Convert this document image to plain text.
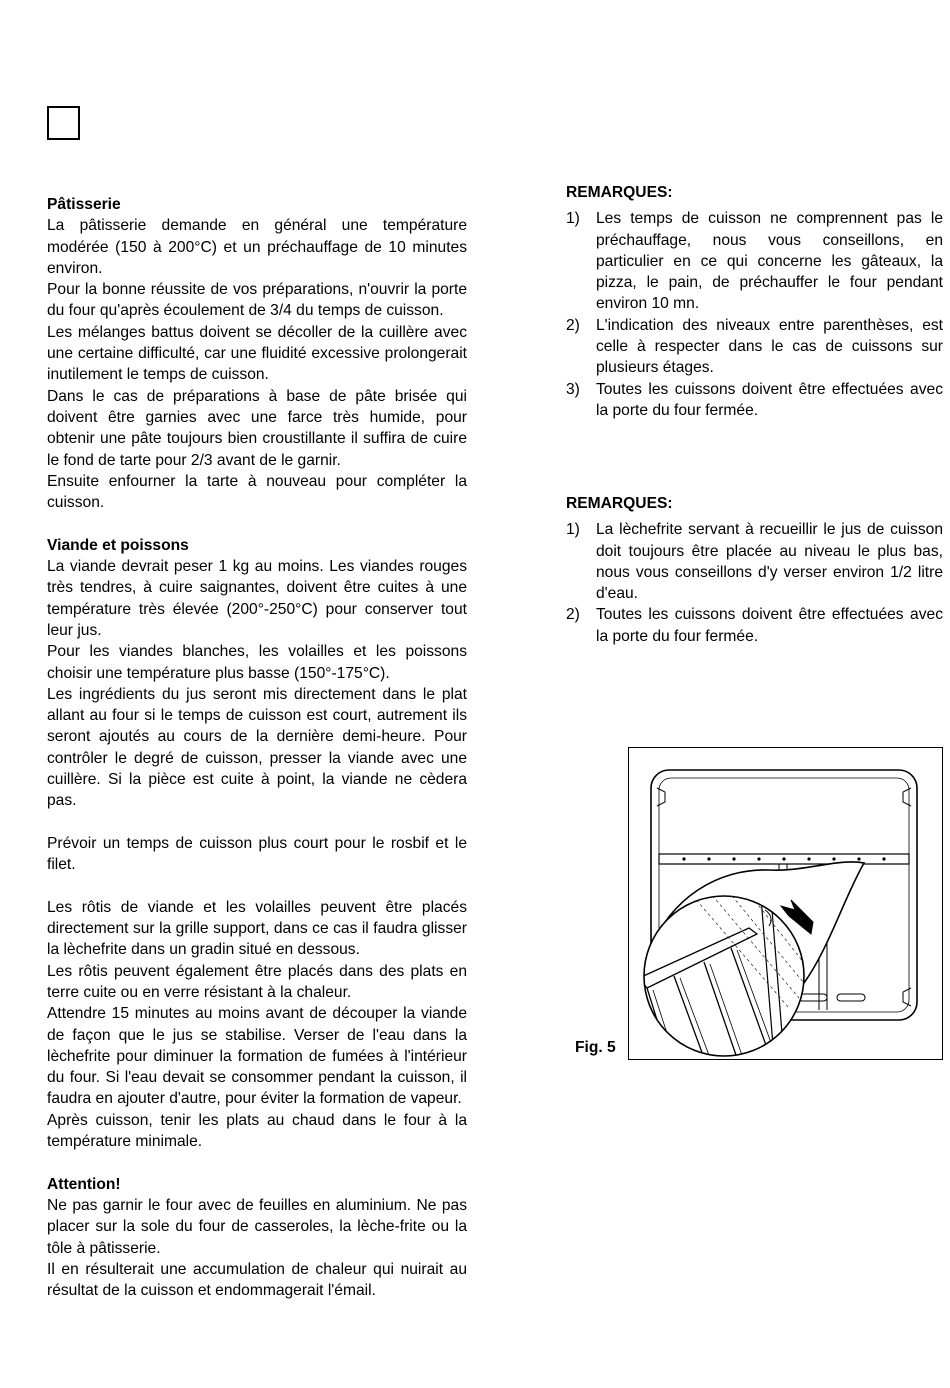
Pâtisserie

La pâtisserie demande en général une température modérée (150 à 200°C) et un préchauffage de 10 minutes environ.

Pour la bonne réussite de vos préparations, n'ouvrir la porte du four qu'après écoulement de 3/4 du temps de cuisson.

Les mélanges battus doivent se décoller de la cuillère avec une certaine difficulté, car une fluidité excessive prolongerait inutilement le temps de cuisson.

Dans le cas de préparations à base de pâte brisée qui doivent être garnies avec une farce très humide, pour obtenir une pâte toujours bien croustillante il suffira de cuire le fond de tarte pour 2/3 avant de le garnir.

Ensuite enfourner la tarte à nouveau pour compléter la cuisson.

Viande et poissons

La viande devrait peser 1 kg au moins. Les viandes rouges très tendres, à cuire saignantes, doivent être cuites à une température très élevée (200°-250°C) pour conserver tout leur jus.

Pour les viandes blanches, les volailles et les poissons choisir une température plus basse (150°-175°C).

Les ingrédients du jus seront mis directement dans le plat allant au four si le temps de cuisson est court, autrement ils seront ajoutés au cours de la dernière demi-heure. Pour contrôler le degré de cuisson, presser la viande avec une cuillère. Si la pièce est cuite à point, la viande ne cèdera pas.

Prévoir un temps de cuisson plus court pour le rosbif et le filet.

Les rôtis de viande et les volailles peuvent être placés directement sur la grille support, dans ce cas il faudra glisser la lèchefrite dans un gradin situé en dessous.

Les rôtis peuvent également être placés dans des plats en terre cuite ou en verre résistant à la chaleur.

Attendre 15 minutes au moins avant de découper la viande de façon que le jus se stabilise. Verser de l'eau dans la lèchefrite pour diminuer la formation de fumées à l'intérieur du four. Si l'eau devait se consommer pendant la cuisson, il faudra en ajouter d'autre, pour éviter la formation de vapeur.

Après cuisson, tenir les plats au chaud dans le four à la température minimale.

Attention!

Ne pas garnir le four avec de feuilles en aluminium. Ne pas placer sur la sole du four de casseroles, la lèche-frite ou la tôle à pâtisserie.

Il en résulterait une accumulation de chaleur qui nuirait au résultat de la cuisson et endommagerait l'émail.

REMARQUES:
1) Les temps de cuisson ne comprennent pas le préchauffage, nous vous conseillons, en particulier en ce qui concerne les gâteaux, la pizza, le pain, de préchauffer le four pendant environ 10 mn.
2) L'indication des niveaux entre parenthèses, est celle à respecter dans le cas de cuissons sur plusieurs étages.
3) Toutes les cuissons doivent être effectuées avec la porte du four fermée.
REMARQUES:
1) La lèchefrite servant à recueillir le jus de cuisson doit toujours être placée au niveau le plus bas, nous vous conseillons d'y verser environ 1/2 litre d'eau.
2) Toutes les cuissons doivent être effectuées avec la porte du four fermée.
Fig. 5
